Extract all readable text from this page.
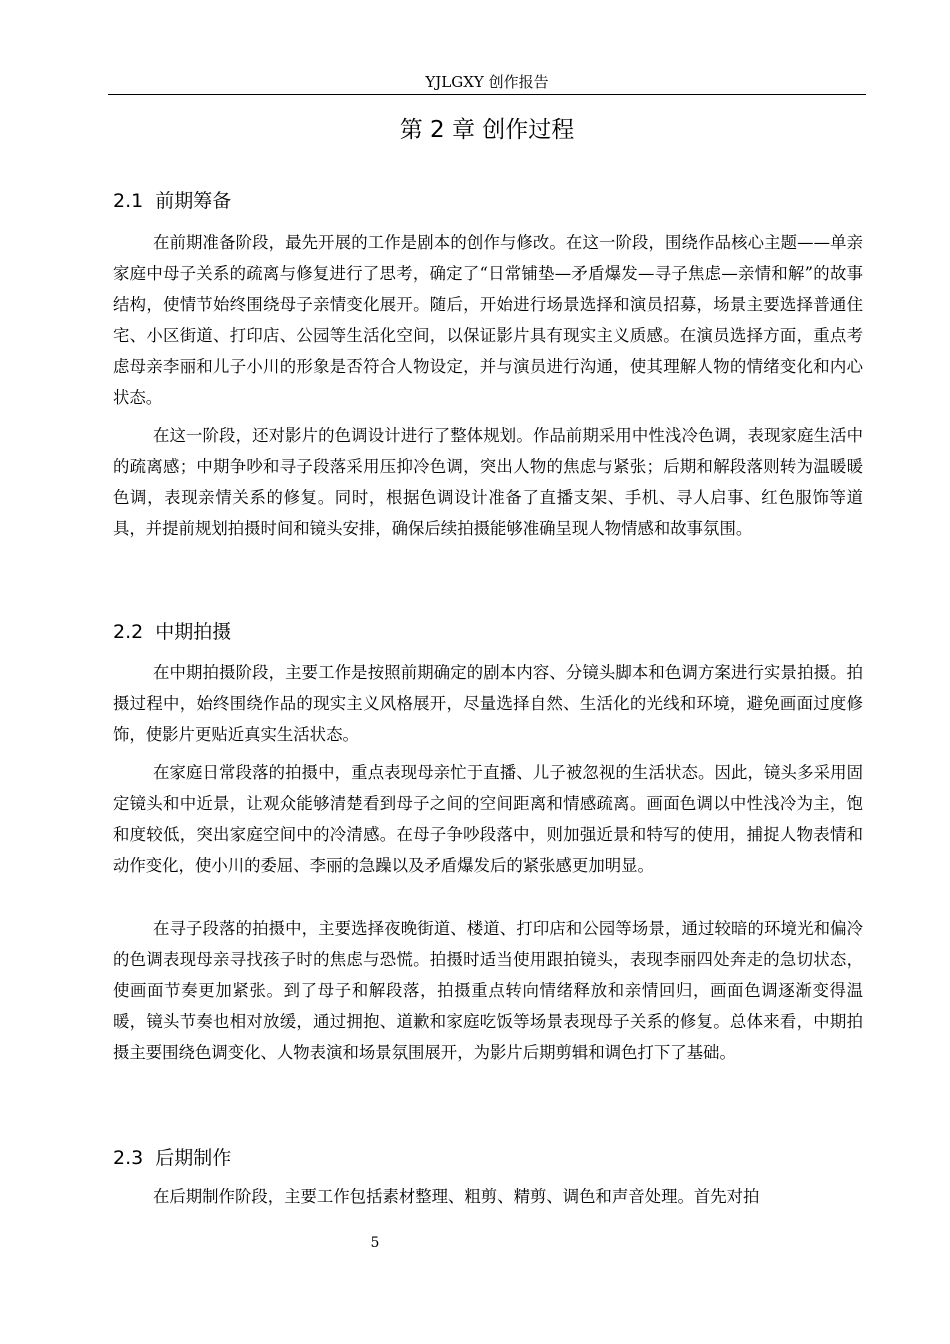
YJLGXY 创作报告
第 2 章 创作过程
2.1 前期筹备

在前期准备阶段，最先开展的工作是剧本的创作与修改。在这一阶段，围绕作品核心主题——单亲家庭中母子关系的疏离与修复进行了思考，确定了“日常铺垫—矛盾爆发—寻子焦虑—亲情和解”的故事结构，使情节始终围绕母子亲情变化展开。随后，开始进行场景选择和演员招募，场景主要选择普通住宅、小区街道、打印店、公园等生活化空间，以保证影片具有现实主义质感。在演员选择方面，重点考虑母亲李丽和儿子小川的形象是否符合人物设定，并与演员进行沟通，使其理解人物的情绪变化和内心状态。

在这一阶段，还对影片的色调设计进行了整体规划。作品前期采用中性浅冷色调，表现家庭生活中的疏离感；中期争吵和寻子段落采用压抑冷色调，突出人物的焦虑与紧张；后期和解段落则转为温暖暖色调，表现亲情关系的修复。同时，根据色调设计准备了直播支架、手机、寻人启事、红色服饰等道具，并提前规划拍摄时间和镜头安排，确保后续拍摄能够准确呈现人物情感和故事氛围。

2.2 中期拍摄

在中期拍摄阶段，主要工作是按照前期确定的剧本内容、分镜头脚本和色调方案进行实景拍摄。拍摄过程中，始终围绕作品的现实主义风格展开，尽量选择自然、生活化的光线和环境，避免画面过度修饰，使影片更贴近真实生活状态。

在家庭日常段落的拍摄中，重点表现母亲忙于直播、儿子被忽视的生活状态。因此，镜头多采用固定镜头和中近景，让观众能够清楚看到母子之间的空间距离和情感疏离。画面色调以中性浅冷为主，饱和度较低，突出家庭空间中的冷清感。在母子争吵段落中，则加强近景和特写的使用，捕捉人物表情和动作变化，使小川的委屈、李丽的急躁以及矛盾爆发后的紧张感更加明显。

在寻子段落的拍摄中，主要选择夜晚街道、楼道、打印店和公园等场景，通过较暗的环境光和偏冷的色调表现母亲寻找孩子时的焦虑与恐慌。拍摄时适当使用跟拍镜头，表现李丽四处奔走的急切状态，使画面节奏更加紧张。到了母子和解段落，拍摄重点转向情绪释放和亲情回归，画面色调逐渐变得温暖，镜头节奏也相对放缓，通过拥抱、道歉和家庭吃饭等场景表现母子关系的修复。总体来看，中期拍摄主要围绕色调变化、人物表演和场景氛围展开，为影片后期剪辑和调色打下了基础。

2.3 后期制作

在后期制作阶段，主要工作包括素材整理、粗剪、精剪、调色和声音处理。首先对拍

5
